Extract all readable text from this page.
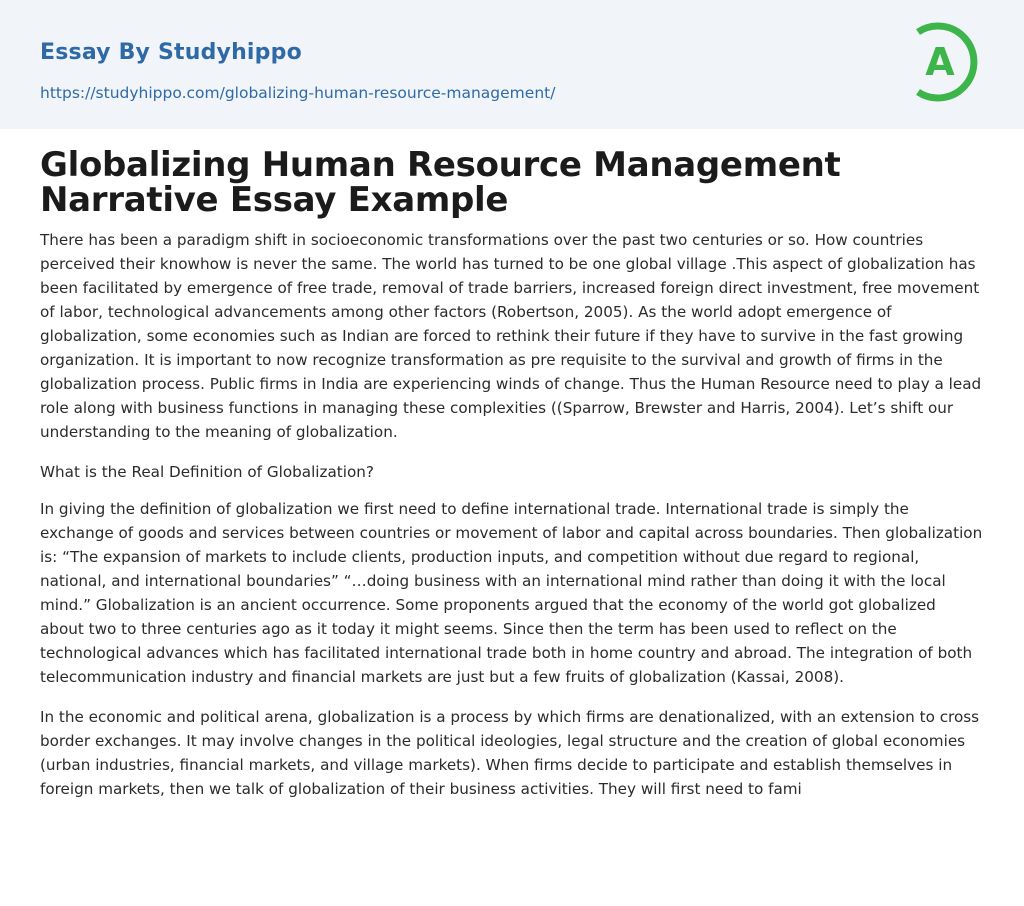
Essay By Studyhippo
https://studyhippo.com/globalizing-human-resource-management/
A
Globalizing Human Resource Management Narrative Essay Example

There has been a paradigm shift in socioeconomic transformations over the past two centuries or so. How countries perceived their knowhow is never the same. The world has turned to be one global village .This aspect of globalization has been facilitated by emergence of free trade, removal of trade barriers, increased foreign direct investment, free movement of labor, technological advancements among other factors (Robertson, 2005). As the world adopt emergence of globalization, some economies such as Indian are forced to rethink their future if they have to survive in the fast growing organization. It is important to now recognize transformation as pre requisite to the survival and growth of firms in the globalization process. Public firms in India are experiencing winds of change. Thus the Human Resource need to play a lead role along with business functions in managing these complexities ((Sparrow, Brewster and Harris, 2004). Let’s shift our understanding to the meaning of globalization.

What is the Real Definition of Globalization?

In giving the definition of globalization we first need to define international trade. International trade is simply the exchange of goods and services between countries or movement of labor and capital across boundaries. Then globalization is: “The expansion of markets to include clients, production inputs, and competition without due regard to regional, national, and international boundaries” “…doing business with an international mind rather than doing it with the local mind.” Globalization is an ancient occurrence. Some proponents argued that the economy of the world got globalized about two to three centuries ago as it today it might seems. Since then the term has been used to reflect on the technological advances which has facilitated international trade both in home country and abroad. The integration of both telecommunication industry and financial markets are just but a few fruits of globalization (Kassai, 2008).

In the economic and political arena, globalization is a process by which firms are denationalized, with an extension to cross border exchanges. It may involve changes in the political ideologies, legal structure and the creation of global economies (urban industries, financial markets, and village markets). When firms decide to participate and establish themselves in foreign markets, then we talk of globalization of their business activities. They will first need to fami
